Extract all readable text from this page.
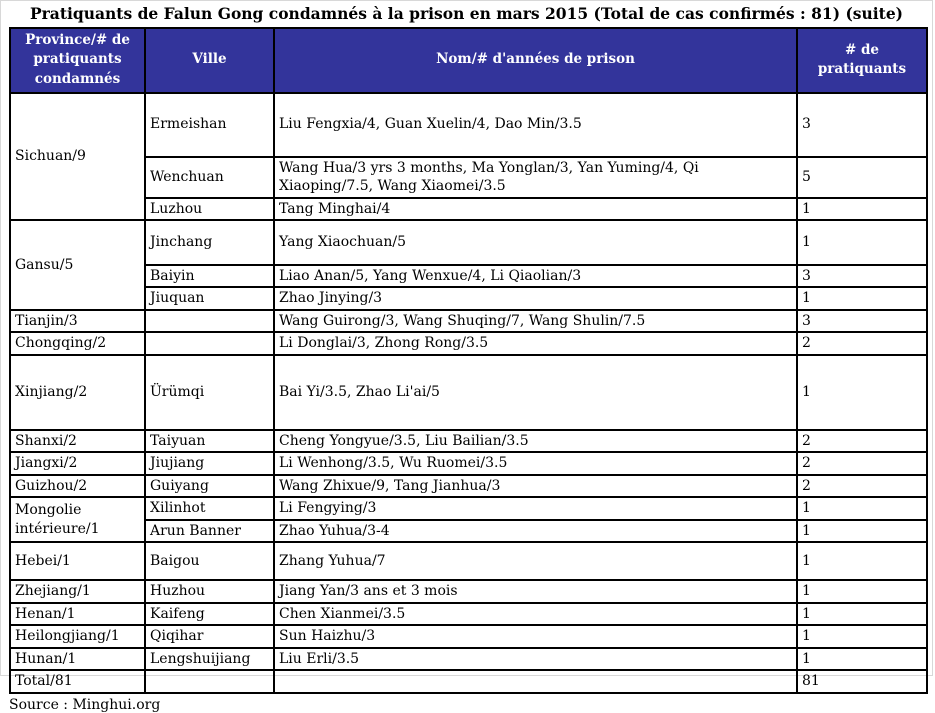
Pratiquants de Falun Gong condamnés à la prison en mars 2015 (Total de cas confirmés : 81) (suite)
Province/# de pratiquants condamnés	Ville	Nom/# d'années de prison	# de pratiquants
Sichuan/9	Ermeishan	Liu Fengxia/4, Guan Xuelin/4, Dao Min/3.5	3
	Wenchuan	Wang Hua/3 yrs 3 months, Ma Yonglan/3, Yan Yuming/4, Qi Xiaoping/7.5, Wang Xiaomei/3.5	5
	Luzhou	Tang Minghai/4	1
Gansu/5	Jinchang	Yang Xiaochuan/5	1
	Baiyin	Liao Anan/5, Yang Wenxue/4, Li Qiaolian/3	3
	Jiuquan	Zhao Jinying/3	1
Tianjin/3		Wang Guirong/3, Wang Shuqing/7, Wang Shulin/7.5	3
Chongqing/2		Li Donglai/3, Zhong Rong/3.5	2
Xinjiang/2	Ürümqi	Bai Yi/3.5, Zhao Li'ai/5	1
Shanxi/2	Taiyuan	Cheng Yongyue/3.5, Liu Bailian/3.5	2
Jiangxi/2	Jiujiang	Li Wenhong/3.5, Wu Ruomei/3.5	2
Guizhou/2	Guiyang	Wang Zhixue/9, Tang Jianhua/3	2
Mongolie intérieure/1	Xilinhot	Li Fengying/3	1
	Arun Banner	Zhao Yuhua/3-4	1
Hebei/1	Baigou	Zhang Yuhua/7	1
Zhejiang/1	Huzhou	Jiang Yan/3 ans et 3 mois	1
Henan/1	Kaifeng	Chen Xianmei/3.5	1
Heilongjiang/1	Qiqihar	Sun Haizhu/3	1
Hunan/1	Lengshuijiang	Liu Erli/3.5	1
Total/81			81
Source : Minghui.org
